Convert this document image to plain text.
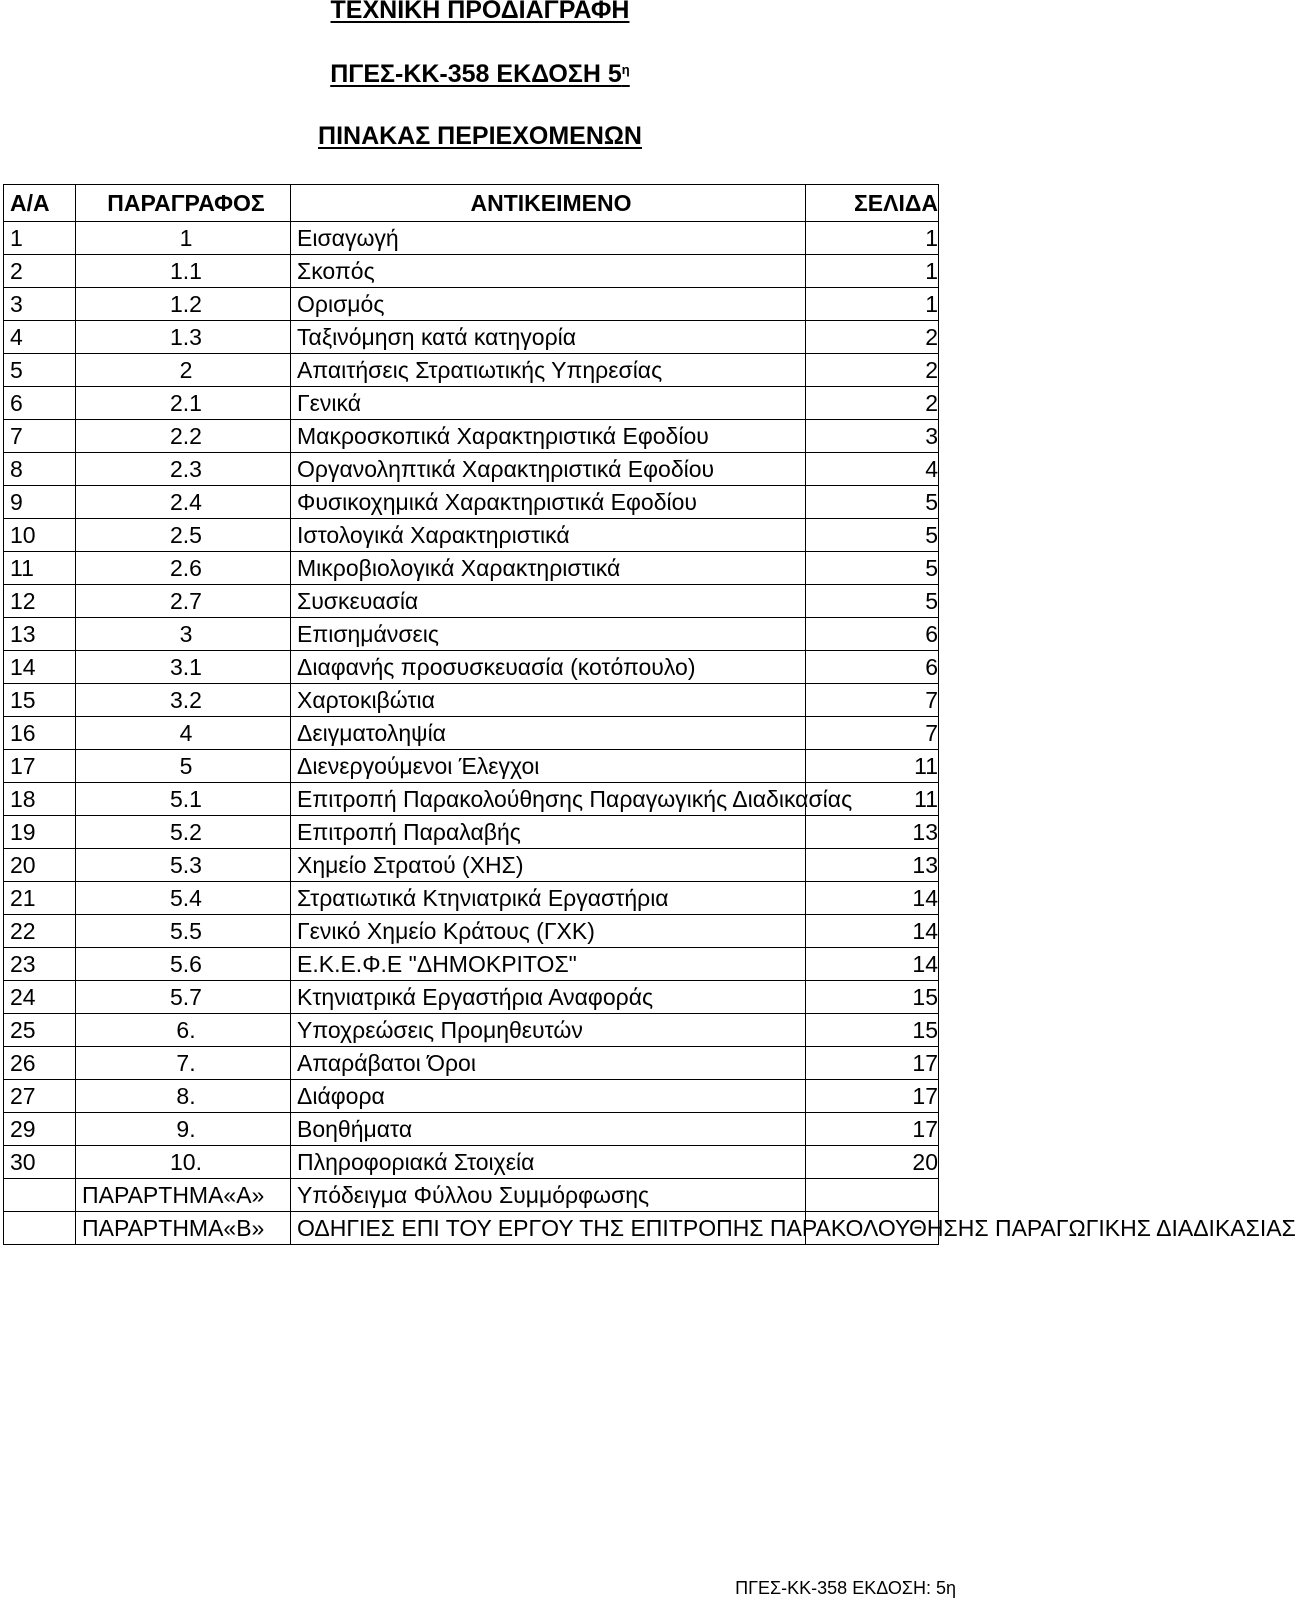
ΤΕΧΝΙΚΗ ΠΡΟΔΙΑΓΡΑΦΗ
ΠΓΕΣ-ΚΚ-358 ΕΚΔΟΣΗ $5^\eta$
ΠΙΝΑΚΑΣ ΠΕΡΙΕΧΟΜΕΝΩΝ
Α/Α	ΠΑΡΑΓΡΑΦΟΣ	ΑΝΤΙΚΕΙΜΕΝΟ	ΣΕΛΙΔΑ
1	1	Εισαγωγή	1
2	1.1	Σκοπός	1
3	1.2	Ορισμός	1
4	1.3	Ταξινόμηση κατά κατηγορία	2
5	2	Απαιτήσεις Στρατιωτικής Υπηρεσίας	2
6	2.1	Γενικά	2
7	2.2	Μακροσκοπικά Χαρακτηριστικά Εφοδίου	3
8	2.3	Οργανοληπτικά Χαρακτηριστικά Εφοδίου	4
9	2.4	Φυσικοχημικά Χαρακτηριστικά Εφοδίου	5
10	2.5	Ιστολογικά Χαρακτηριστικά	5
11	2.6	Μικροβιολογικά Χαρακτηριστικά	5
12	2.7	Συσκευασία	5
13	3	Επισημάνσεις	6
14	3.1	Διαφανής προσυσκευασία (κοτόπουλο)	6
15	3.2	Χαρτοκιβώτια	7
16	4	Δειγματοληψία	7
17	5	Διενεργούμενοι Έλεγχοι	11
18	5.1	Επιτροπή Παρακολούθησης Παραγωγικής Διαδικασίας	11
19	5.2	Επιτροπή Παραλαβής	13
20	5.3	Χημείο Στρατού (ΧΗΣ)	13
21	5.4	Στρατιωτικά Κτηνιατρικά Εργαστήρια	14
22	5.5	Γενικό Χημείο Κράτους (ΓΧΚ)	14
23	5.6	Ε.Κ.Ε.Φ.Ε "ΔΗΜΟΚΡΙΤΟΣ"	14
24	5.7	Κτηνιατρικά Εργαστήρια Αναφοράς	15
25	6.	Υποχρεώσεις Προμηθευτών	15
26	7.	Απαράβατοι Όροι	17
27	8.	Διάφορα	17
29	9.	Βοηθήματα	17
30	10.	Πληροφοριακά Στοιχεία	20
	ΠΑΡΑΡΤΗΜΑ«Α»	Υπόδειγμα Φύλλου Συμμόρφωσης	
	ΠΑΡΑΡΤΗΜΑ«Β»	ΟΔΗΓΙΕΣ ΕΠΙ ΤΟΥ ΕΡΓΟΥ ΤΗΣ ΕΠΙΤΡΟΠΗΣ ΠΑΡΑΚΟΛΟΥΘΗΣΗΣ ΠΑΡΑΓΩΓΙΚΗΣ ΔΙΑΔΙΚΑΣΙΑΣ	
ΠΓΕΣ-ΚΚ-358 ΕΚΔΟΣΗ: 5η
